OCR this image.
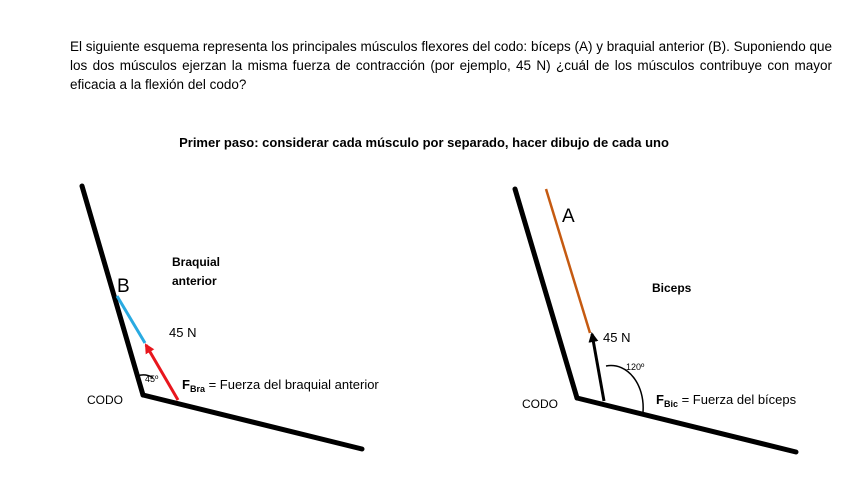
El siguiente esquema representa los principales músculos flexores del codo: bíceps (A) y braquial anterior (B). Suponiendo que los dos músculos ejerzan la misma fuerza de contracción (por ejemplo, 45 N) ¿cuál de los músculos contribuye con mayor eficacia a la flexión del codo?
Primer paso: considerar cada músculo por separado, hacer dibujo de cada uno
B
Braquial
anterior
45 N
45º
CODO
$F_{Bra}$ = Fuerza del braquial anterior
A
Biceps
45 N
120º
CODO	$F_{Bic}$ = Fuerza del bíceps
